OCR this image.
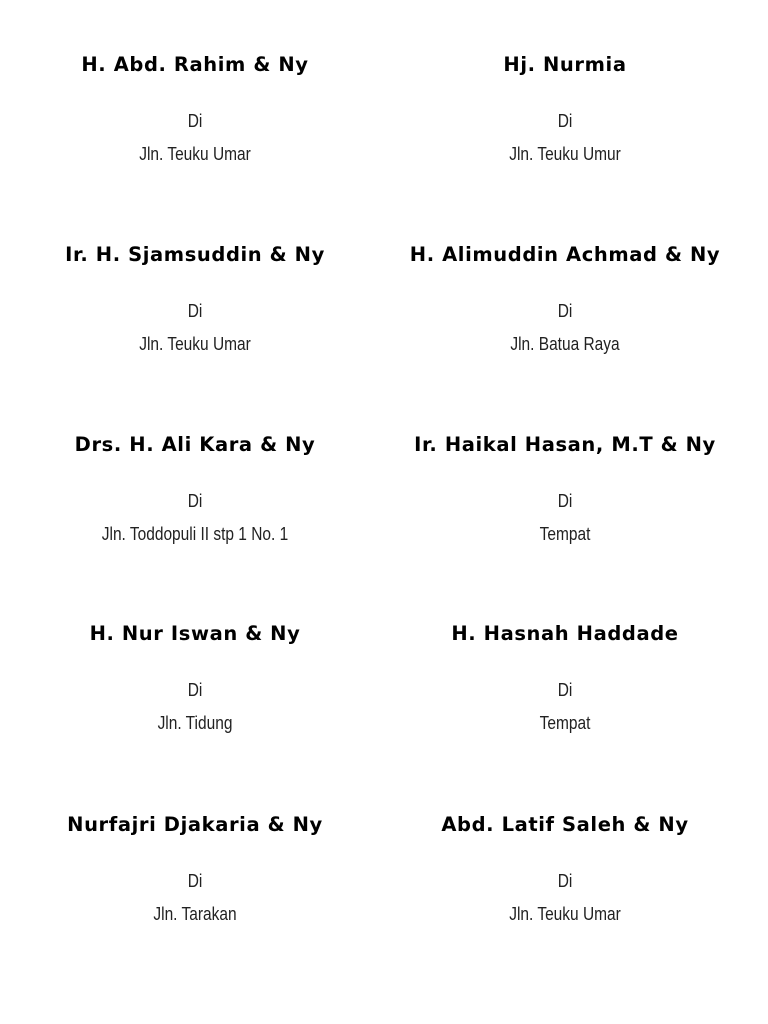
H. Abd. Rahim & Ny
Di
Jln. Teuku Umar
Hj. Nurmia
Di
Jln. Teuku Umur
Ir. H. Sjamsuddin & Ny
Di
Jln. Teuku Umar
H. Alimuddin Achmad & Ny
Di
Jln. Batua Raya
Drs. H. Ali Kara & Ny
Di
Jln. Toddopuli II stp 1 No. 1
Ir. Haikal Hasan, M.T & Ny
Di
Tempat
H. Nur Iswan & Ny
Di
Jln. Tidung
H. Hasnah Haddade
Di
Tempat
Nurfajri Djakaria & Ny
Di
Jln. Tarakan
Abd. Latif Saleh & Ny
Di
Jln. Teuku Umar
